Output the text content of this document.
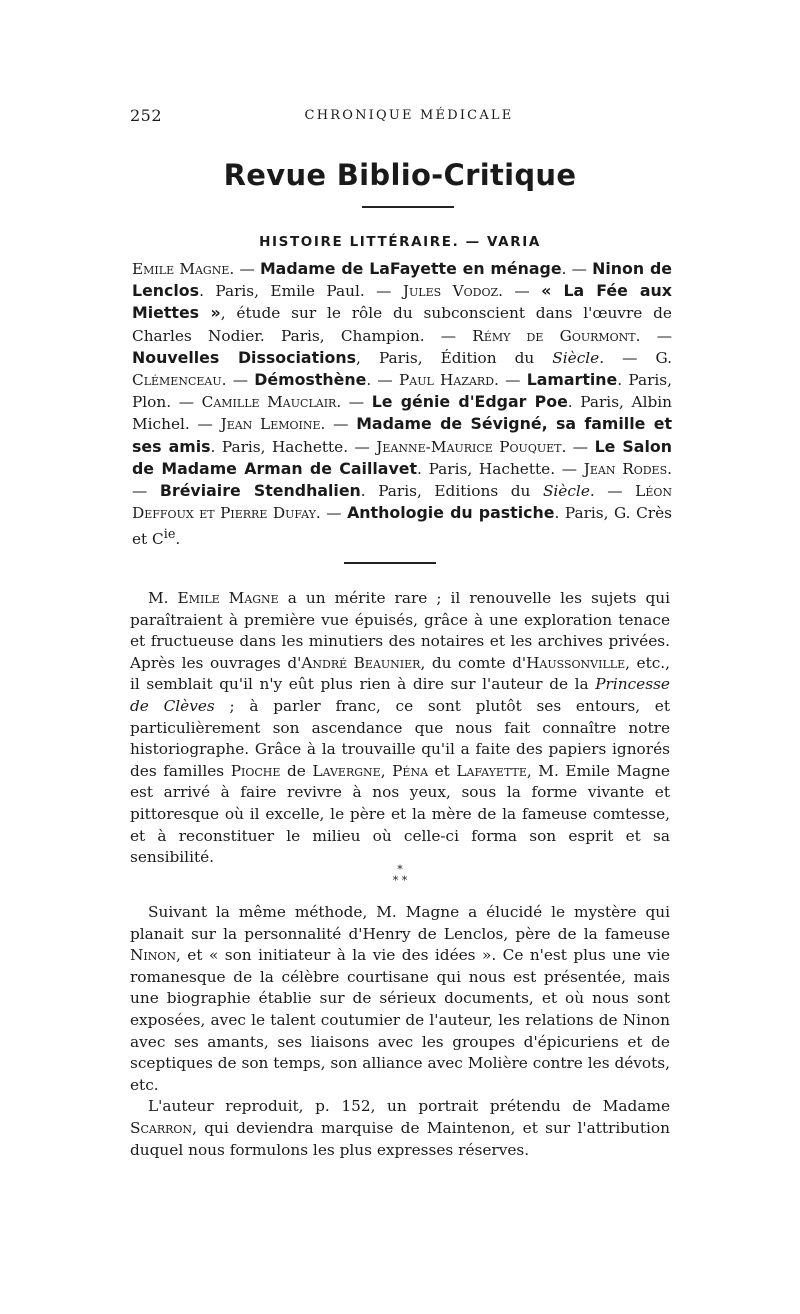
252	CHRONIQUE MÉDICALE
Revue Biblio-Critique
HISTOIRE LITTÉRAIRE. — VARIA
Emile Magne. — Madame de LaFayette en ménage. — Ninon de Lenclos. Paris, Emile Paul. — Jules Vodoz. — « La Fée aux Miettes », étude sur le rôle du subconscient dans l'œuvre de Charles Nodier. Paris, Champion. — Rémy de Gourmont. — Nouvelles Dissociations, Paris, Édition du Siècle. — G. Clémenceau. — Démosthène. — Paul Hazard. — Lamartine. Paris, Plon. — Camille Mauclair. — Le génie d'Edgar Poe. Paris, Albin Michel. — Jean Lemoine. — Madame de Sévigné, sa famille et ses amis. Paris, Hachette. — Jeanne-Maurice Pouquet. — Le Salon de Madame Arman de Caillavet. Paris, Hachette. — Jean Rodes. — Bréviaire Stendhalien. Paris, Editions du Siècle. — Léon Deffoux et Pierre Dufay. — Anthologie du pastiche. Paris, G. Crès et $C^{ie}$.

M. Emile Magne a un mérite rare ; il renouvelle les sujets qui paraîtraient à première vue épuisés, grâce à une exploration tenace et fructueuse dans les minutiers des notaires et les archives privées. Après les ouvrages d'André Beaunier, du comte d'Haussonville, etc., il semblait qu'il n'y eût plus rien à dire sur l'auteur de la Princesse de Clèves ; à parler franc, ce sont plutôt ses entours, et particulièrement son ascendance que nous fait connaître notre historiographe. Grâce à la trouvaille qu'il a faite des papiers ignorés des familles Pioche de Lavergne, Péna et Lafayette, M. Emile Magne est arrivé à faire revivre à nos yeux, sous la forme vivante et pittoresque où il excelle, le père et la mère de la fameuse comtesse, et à reconstituer le milieu où celle-ci forma son esprit et sa sensibilité.

*
* *

Suivant la même méthode, M. Magne a élucidé le mystère qui planait sur la personnalité d'Henry de Lenclos, père de la fameuse Ninon, et « son initiateur à la vie des idées ». Ce n'est plus une vie romanesque de la célèbre courtisane qui nous est présentée, mais une biographie établie sur de sérieux documents, et où nous sont exposées, avec le talent coutumier de l'auteur, les relations de Ninon avec ses amants, ses liaisons avec les groupes d'épicuriens et de sceptiques de son temps, son alliance avec Molière contre les dévots, etc.

L'auteur reproduit, p. 152, un portrait prétendu de Madame Scarron, qui deviendra marquise de Maintenon, et sur l'attribution duquel nous formulons les plus expresses réserves.
